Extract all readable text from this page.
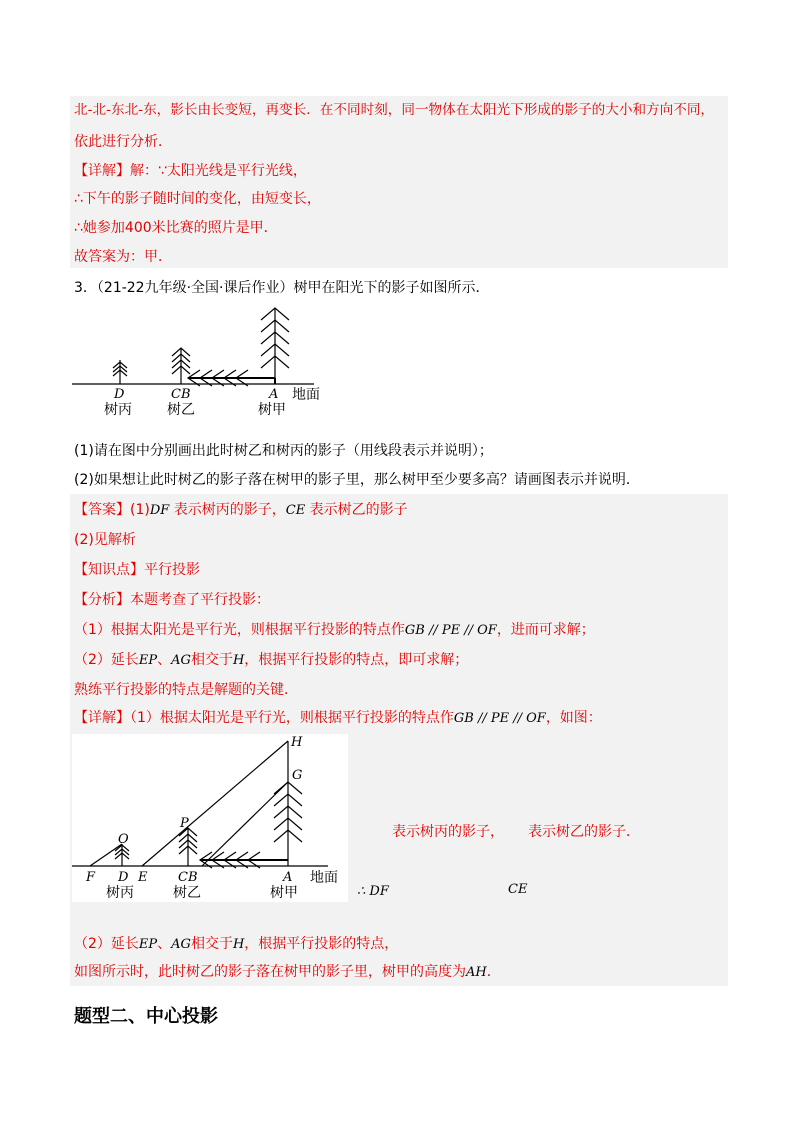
北-北-东北-东，影长由长变短，再变长．在不同时刻，同一物体在太阳光下形成的影子的大小和方向不同，
依此进行分析．
【详解】解：∵太阳光线是平行光线，
∴下午的影子随时间的变化，由短变长，
∴她参加400米比赛的照片是甲．
故答案为：甲．
3．（21-22九年级·全国·课后作业）树甲在阳光下的影子如图所示．
D	C B	A 地面
树丙	树乙	树甲
(1)请在图中分别画出此时树乙和树丙的影子（用线段表示并说明）；
(2)如果想让此时树乙的影子落在树甲的影子里，那么树甲至少要多高？请画图表示并说明．
【答案】(1)DF 表示树丙的影子，CE 表示树乙的影子
(2)见解析
【知识点】平行投影
【分析】本题考查了平行投影：
（1）根据太阳光是平行光，则根据平行投影的特点作GB // PE // OF，进而可求解；
（2）延长EP、AG相交于H，根据平行投影的特点，即可求解；
熟练平行投影的特点是解题的关键．
【详解】（1）根据太阳光是平行光，则根据平行投影的特点作GB // PE // OF，如图：
H
G
P
O
F D E C B	A 地面
树丙	树乙	树甲
表示树丙的影子， 表示树乙的影子．
∴ DF	CE
（2）延长EP、AG相交于H，根据平行投影的特点，
如图所示时，此时树乙的影子落在树甲的影子里，树甲的高度为AH．
题型二、中心投影
